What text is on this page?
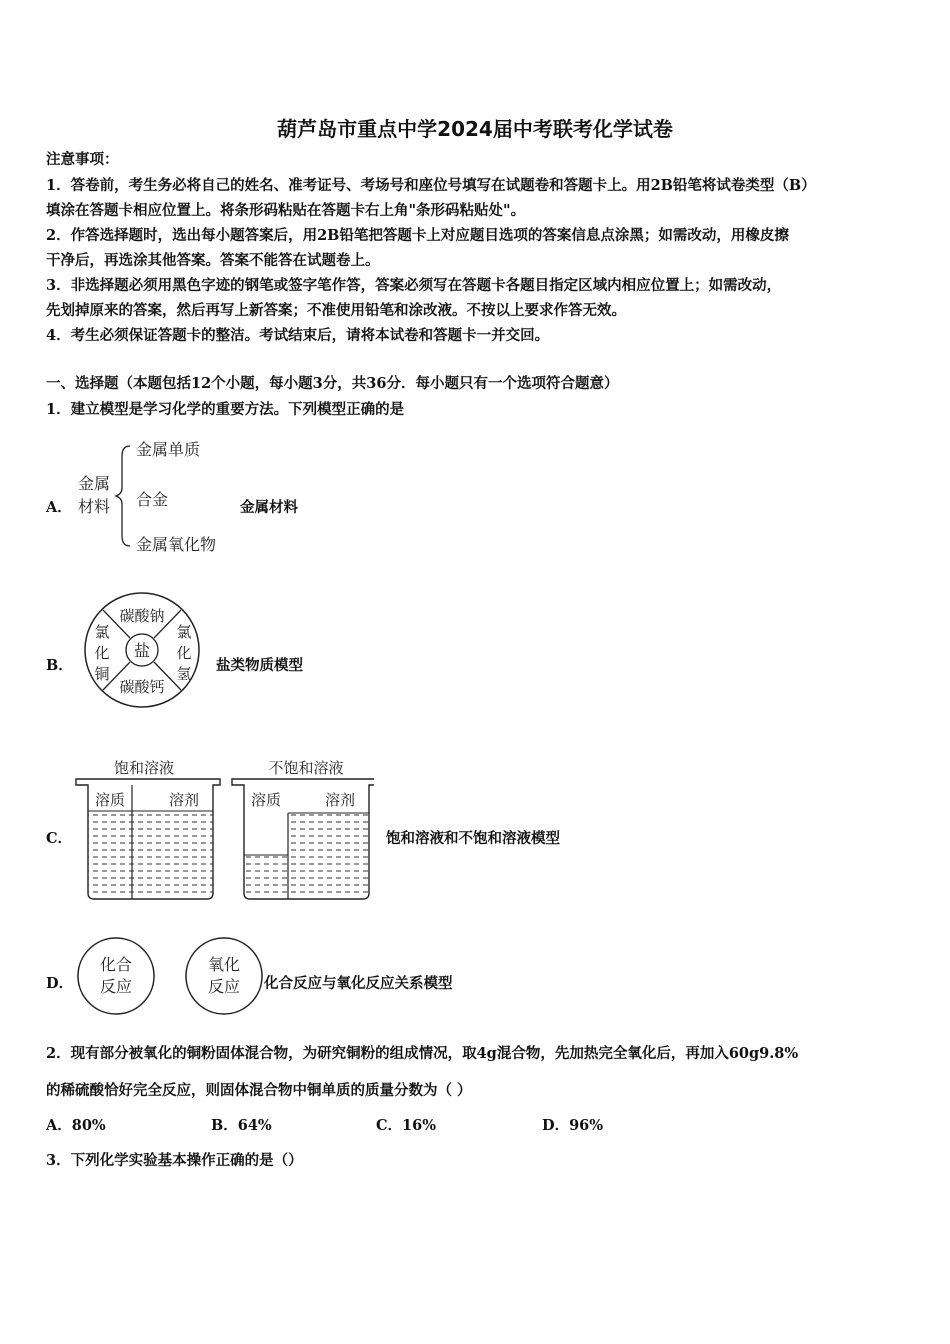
葫芦岛市重点中学2024届中考联考化学试卷
注意事项：
1．答卷前，考生务必将自己的姓名、准考证号、考场号和座位号填写在试题卷和答题卡上。用2B铅笔将试卷类型（B）
填涂在答题卡相应位置上。将条形码粘贴在答题卡右上角"条形码粘贴处"。
2．作答选择题时，选出每小题答案后，用2B铅笔把答题卡上对应题目选项的答案信息点涂黑；如需改动，用橡皮擦
干净后，再选涂其他答案。答案不能答在试题卷上。
3．非选择题必须用黑色字迹的钢笔或签字笔作答，答案必须写在答题卡各题目指定区域内相应位置上；如需改动，
先划掉原来的答案，然后再写上新答案；不准使用铅笔和涂改液。不按以上要求作答无效。
4．考生必须保证答题卡的整洁。考试结束后，请将本试卷和答题卡一并交回。
一、选择题（本题包括12个小题，每小题3分，共36分．每小题只有一个选项符合题意）
1．建立模型是学习化学的重要方法。下列模型正确的是
A．
金属
材料
金属单质
合金
金属氧化物
金属材料
B．
盐
碳酸钠
碳酸钙
氯
化
铜
氯
化
氢 盐类物质模型
C．
饱和溶液
溶质	溶剂
不饱和溶液
溶质	溶剂
饱和溶液和不饱和溶液模型
D．
化合
反应
氧化
反应 化合反应与氧化反应关系模型
2．现有部分被氧化的铜粉固体混合物，为研究铜粉的组成情况，取4g混合物，先加热完全氧化后，再加入60g9.8%
的稀硫酸恰好完全反应，则固体混合物中铜单质的质量分数为（ ）
A．80%	B．64%	C．16%	D．96%
3．下列化学实验基本操作正确的是（）
